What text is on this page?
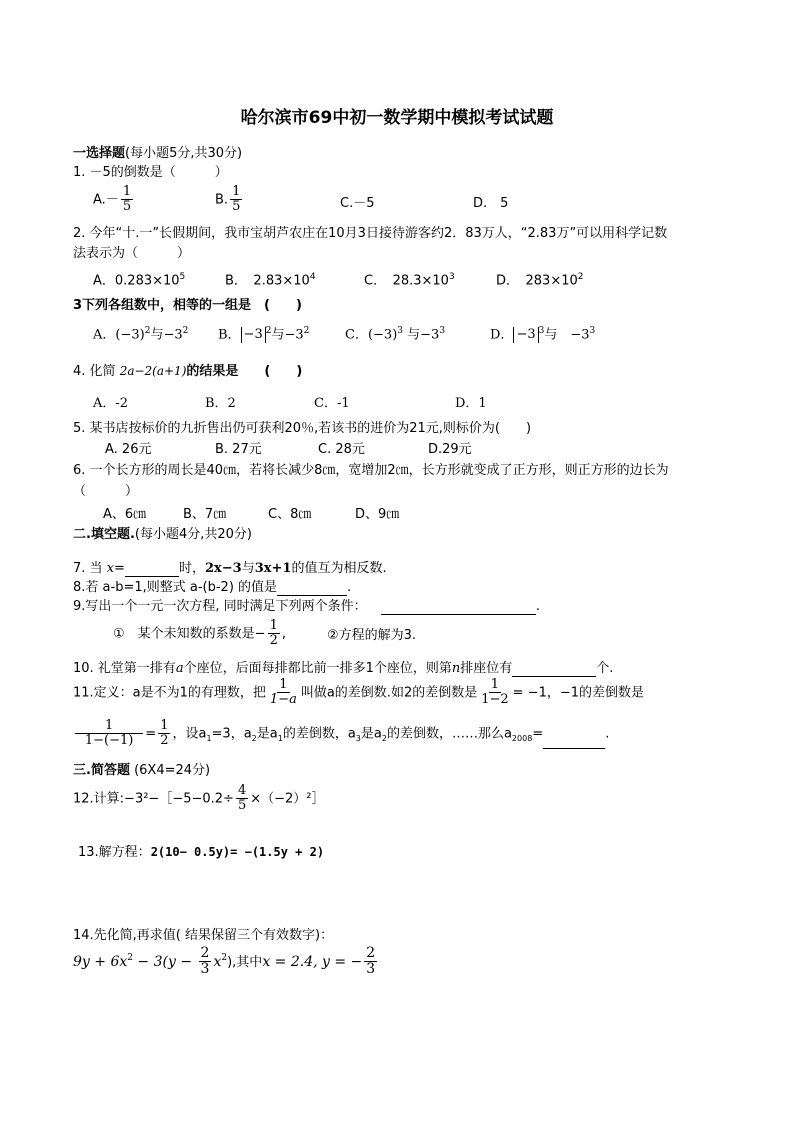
哈尔滨市69中初一数学期中模拟考试试题
一选择题(每小题5分,共30分)
1. －5的倒数是（　　　）
$A.- \frac{1}{5}$	B. $\frac{1}{5}$	C.－5	D.　5
2. 今年“十.一”长假期间，我市宝胡芦农庄在10月3日接待游客约2．83万人，“2.83万”可以用科学记数
法表示为（　　　）
A．$0.283\times 10^5$	B．　$2.83\times 10^4$	C．　$28.3\times 10^3$	D．　$283\times 10^2$
3下列各组数中，相等的一组是　(　　)
A．$(-3)^2$与$-3^2$ B． −3 $^2$与$-3^2$	C．$(-3)^3$ 与$-3^3$	D． −3 $^3$与　$-3^3$
4. 化简 2a−2(a+1)的结果是　　(　　)
A．-2	B．2	C．-1	D．1
5. 某书店按标价的九折售出仍可获利20％,若该书的进价为21元,则标价为(　　)
A. 26元	B. 27元	C. 28元	D.29元
6. 一个长方形的周长是40㎝，若将长减少8㎝，宽增加2㎝，长方形就变成了正方形，则正方形的边长为
（　　　）
A、6㎝	B、7㎝	C、8㎝	D、9㎝
二.填空题.(每小题4分,共20分)
7. 当 x=	时，2x−3与3x+1的值互为相反数.
8.若 a-b=1,则整式 a-(b-2) 的值是	.
9.写出一个一元一次方程, 同时满足下列两个条件：	.
①　某个未知数的系数是− $\frac{1}{2}$ ,	②方程的解为3.
10. 礼堂第一排有a个座位，后面每排都比前一排多1个座位，则第n排座位有	个.
11.定义：a是不为1的有理数，把 $\frac{1}{1-a}$ 叫做a的差倒数.如2的差倒数是 $\frac{1}{1-2} = -1$，−1的差倒数是
$\frac{1}{1-(-1)} = \frac{1}{2}$ ，设$a_1=3$，$a_2$是$a_1$的差倒数，$a_3$是$a_2$的差倒数，……那么$a_{2008}=$	.
三.简答题 (6X4=24分)
12.计算:−3²−［−5−0.2÷ $\frac{4}{5}$ ×（−2）²］
13.解方程：2(10− 0.5y)= −(1.5y + 2)
14.先化简,再求值( 结果保留三个有效数字)：
$9y + 6x^2 - 3(y - \frac{2}{3} x^2)$,其中x = 2.4, y = − $\frac{2}{3}$
